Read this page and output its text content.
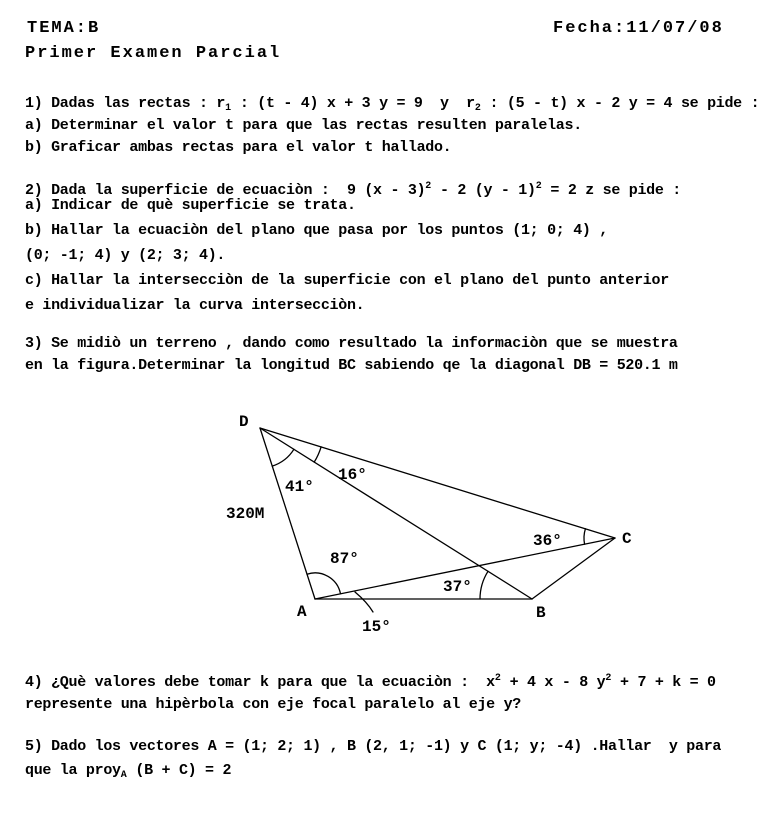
TEMA:B	Fecha:11/07/08
Primer Examen Parcial
1) Dadas las rectas : $r_1$ : (t - 4) x + 3 y = 9  y  $r_2$ : (5 - t) x - 2 y = 4 se pide :
a) Determinar el valor t para que las rectas resulten paralelas.
b) Graficar ambas rectas para el valor t hallado.
2) Dada la superficie de ecuaciòn :  9 (x - 3)$^2$ - 2 (y - 1)$^2$ = 2 z se pide :
a) Indicar de què superficie se trata.
b) Hallar la ecuaciòn del plano que pasa por los puntos (1; 0; 4) ,
(0; -1; 4) y (2; 3; 4).
c) Hallar la intersecciòn de la superficie con el plano del punto anterior
e individualizar la curva intersecciòn.
3) Se midiò un terreno , dando como resultado la informaciòn que se muestra
en la figura.Determinar la longitud BC sabiendo qe la diagonal DB = 520.1 m
D
A	B
C
320M
41°
16°
87°
37°
36°
15°
4) ¿Què valores debe tomar k para que la ecuaciòn :  $x^2 + 4$ x - 8 $y^2 + 7 + k = 0$
represente una hipèrbola con eje focal paralelo al eje y?
5) Dado los vectores A = (1; 2; 1) , B (2, 1; -1) y C (1; y; -4) .Hallar  y para
que la proy$_A$ (B + C) = 2
